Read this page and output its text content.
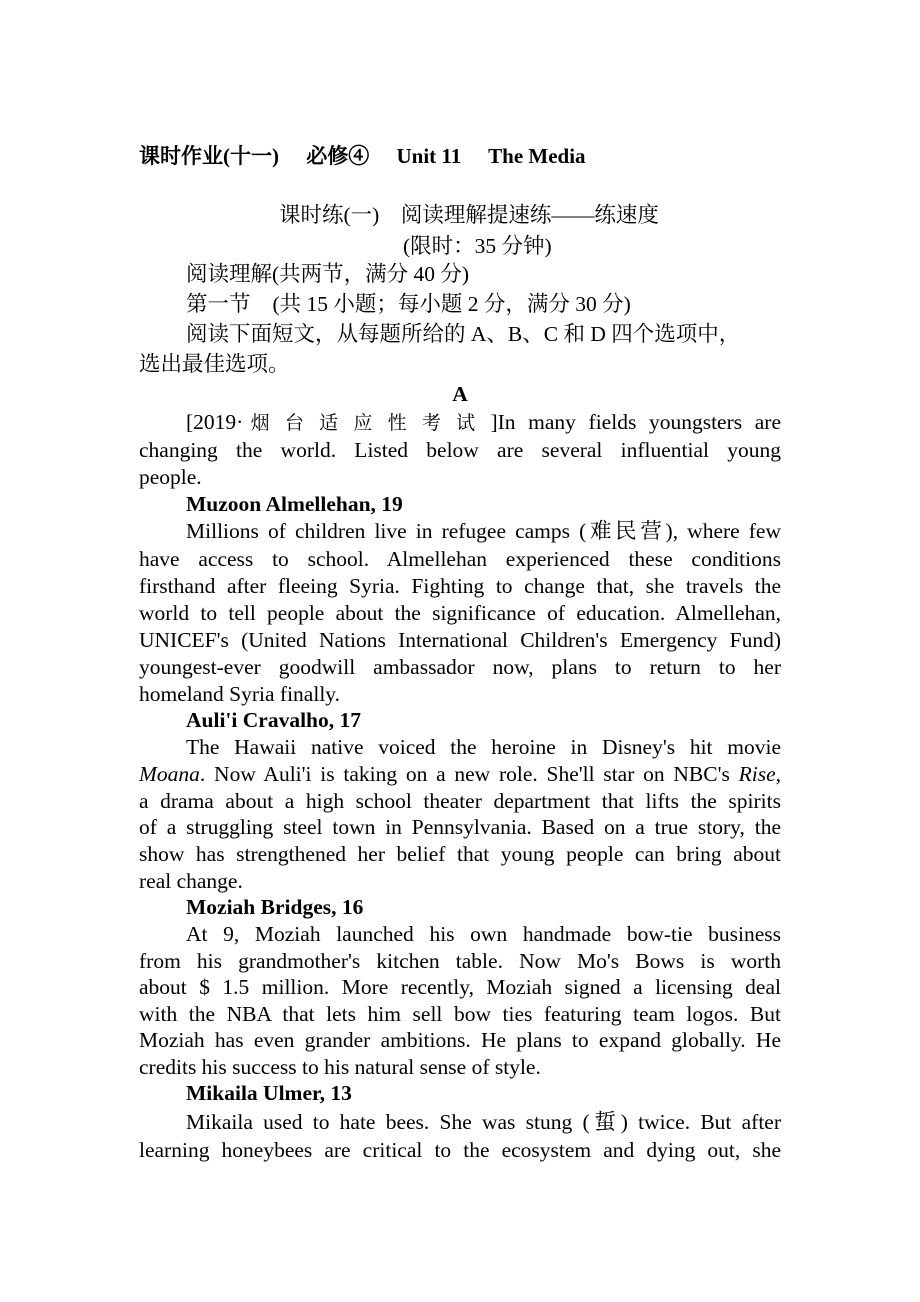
课时作业(十一) 必修④ Unit 11 The Media
课时练(一)　阅读理解提速练——练速度
(限时：35 分钟)
阅读理解(共两节，满分 40 分)
第一节 (共 15 小题；每小题 2 分，满分 30 分)
阅读下面短文，从每题所给的 A、B、C 和 D 四个选项中，
选出最佳选项。
A
[2019·烟台适应性考试]In many fields youngsters are
changing the world. Listed below are several influential young
people.
Muzoon Almellehan, 19
Millions of children live in refugee camps (难民营), where few
have access to school. Almellehan experienced these conditions
firsthand after fleeing Syria. Fighting to change that, she travels the
world to tell people about the significance of education. Almellehan,
UNICEF's (United Nations International Children's Emergency Fund)
youngest-ever goodwill ambassador now, plans to return to her
homeland Syria finally.
Auli'i Cravalho, 17
The Hawaii native voiced the heroine in Disney's hit movie
Moana. Now Auli'i is taking on a new role. She'll star on NBC's Rise,
a drama about a high school theater department that lifts the spirits
of a struggling steel town in Pennsylvania. Based on a true story, the
show has strengthened her belief that young people can bring about
real change.
Moziah Bridges, 16
At 9, Moziah launched his own handmade bow-tie business
from his grandmother's kitchen table. Now Mo's Bows is worth
about $ 1.5 million. More recently, Moziah signed a licensing deal
with the NBA that lets him sell bow ties featuring team logos. But
Moziah has even grander ambitions. He plans to expand globally. He
credits his success to his natural sense of style.
Mikaila Ulmer, 13
Mikaila used to hate bees. She was stung (蜇) twice. But after
learning honeybees are critical to the ecosystem and dying out, she
